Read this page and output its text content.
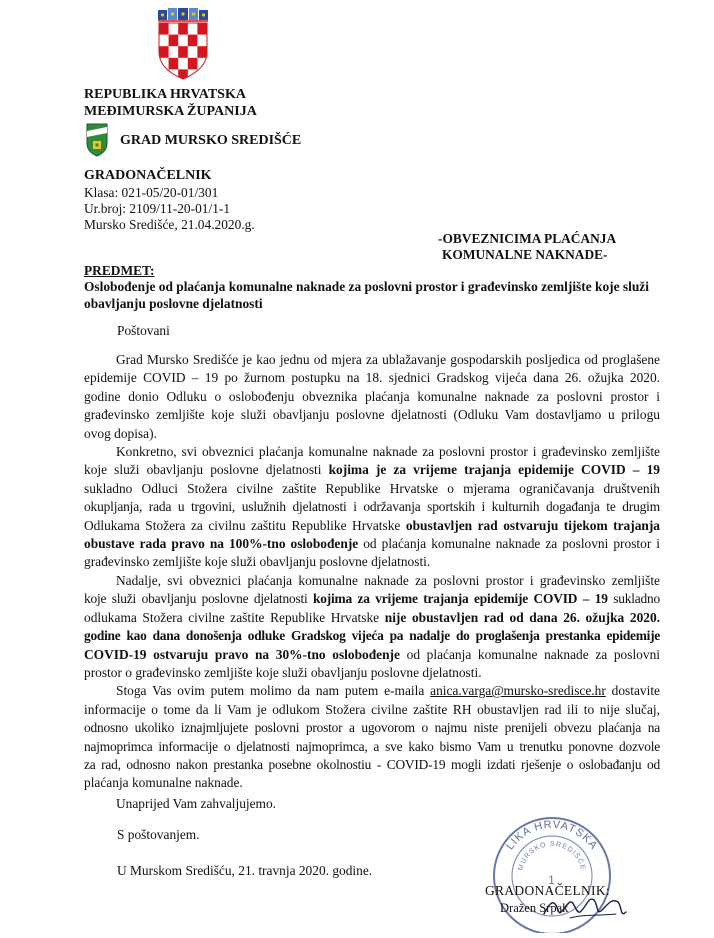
REPUBLIKA HRVATSKA
MEĐIMURSKA ŽUPANIJA
GRAD MURSKO SREDIŠĆE
GRADONAČELNIK
Klasa: 021-05/20-01/301
Ur.broj: 2109/11-20-01/1-1
Mursko Središće, 21.04.2020.g.
-OBVEZNICIMA PLAĆANJA
KOMUNALNE NAKNADE-
PREDMET:
Oslobođenje od plaćanja komunalne naknade za poslovni prostor i građevinsko zemljište koje služi
obavljanju poslovne djelatnosti
Poštovani
Grad Mursko Središće je kao jednu od mjera za ublažavanje gospodarskih posljedica od proglašene
epidemije COVID – 19 po žurnom postupku na 18. sjednici Gradskog vijeća dana 26. ožujka 2020.
godine donio Odluku o oslobođenju obveznika plaćanja komunalne naknade za poslovni prostor i
građevinsko zemljište koje služi obavljanju poslovne djelatnosti (Odluku Vam dostavljamo u prilogu
ovog dopisa).
Konkretno, svi obveznici plaćanja komunalne naknade za poslovni prostor i građevinsko zemljište
koje služi obavljanju poslovne djelatnosti kojima je za vrijeme trajanja epidemije COVID – 19
sukladno Odluci Stožera civilne zaštite Republike Hrvatske o mjerama ograničavanja društvenih
okupljanja, rada u trgovini, uslužnih djelatnosti i održavanja sportskih i kulturnih događanja te drugim
Odlukama Stožera za civilnu zaštitu Republike Hrvatske obustavljen rad ostvaruju tijekom trajanja
obustave rada pravo na 100%-tno oslobođenje od plaćanja komunalne naknade za poslovni prostor i
građevinsko zemljište koje služi obavljanju poslovne djelatnosti.
Nadalje, svi obveznici plaćanja komunalne naknade za poslovni prostor i građevinsko zemljište
koje služi obavljanju poslovne djelatnosti kojima za vrijeme trajanja epidemije COVID – 19 sukladno
odlukama Stožera civilne zaštite Republike Hrvatske nije obustavljen rad od dana 26. ožujka 2020.
godine kao dana donošenja odluke Gradskog vijeća pa nadalje do proglašenja prestanka epidemije
COVID-19 ostvaruju pravo na 30%-tno oslobođenje od plaćanja komunalne naknade za poslovni
prostor o građevinsko zemljište koje služi obavljanju poslovne djelatnosti.
Stoga Vas ovim putem molimo da nam putem e-maila anica.varga@mursko-sredisce.hr dostavite
informacije o tome da li Vam je odlukom Stožera civilne zaštite RH obustavljen rad ili to nije slučaj,
odnosno ukoliko iznajmljujete poslovni prostor a ugovorom o najmu niste prenijeli obvezu plaćanja na
najmoprimca informacije o djelatnosti najmoprimca, a sve kako bismo Vam u trenutku ponovne dozvole
za rad, odnosno nakon prestanka posebne okolnostiu - COVID-19 mogli izdati rješenje o oslobađanju od
plaćanja komunalne naknade.
Unaprijed Vam zahvaljujemo.
S poštovanjem.
U Murskom Središću, 21. travnja 2020. godine.
LIKA HRVATSKA
MURSKO SREDIŠĆE
1
GRADONAČELNIK:
Dražen Srpak
